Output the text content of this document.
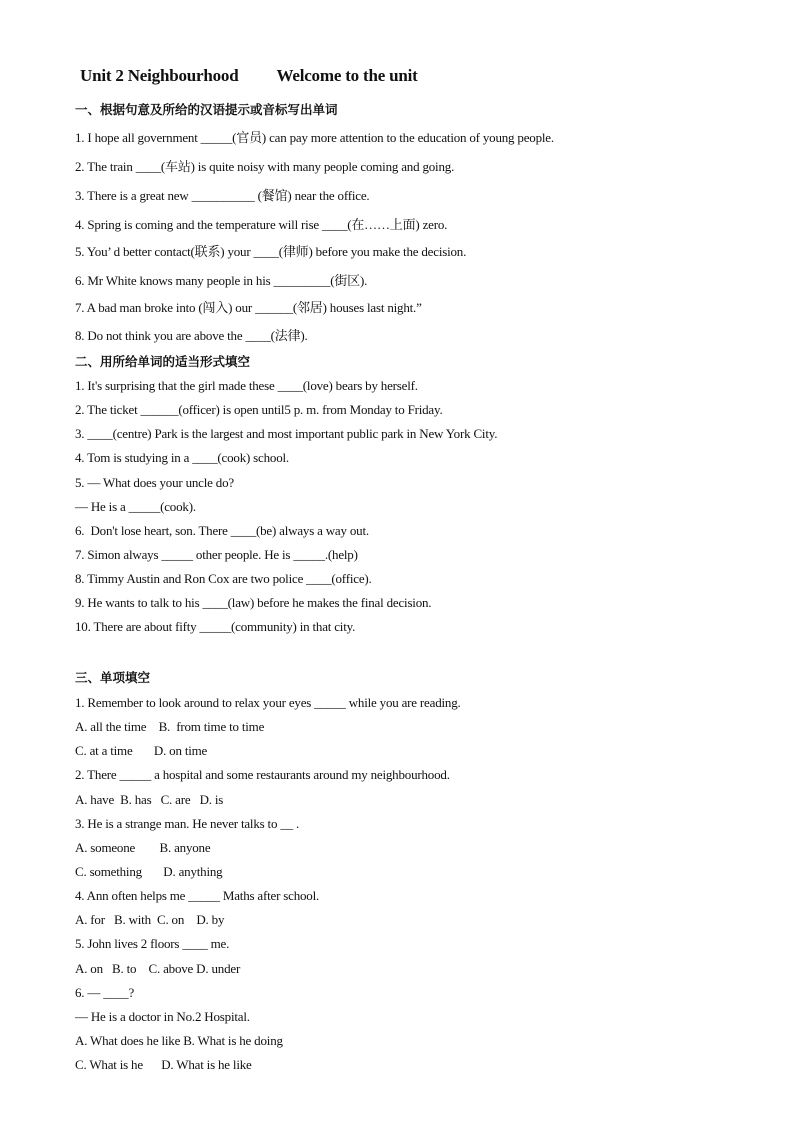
Unit 2 Neighbourhood Welcome to the unit
一、根据句意及所给的汉语提示或音标写出单词
1. I hope all government _____(官员) can pay more attention to the education of young people.
2. The train ____(车站) is quite noisy with many people coming and going.
3. There is a great new __________ (餐馆) near the office.
4. Spring is coming and the temperature will rise ____(在……上面) zero.
5. You’ d better contact(联系) your ____(律师) before you make the decision.
6. Mr White knows many people in his _________(街区).
7. A bad man broke into (闯入) our ______(邻居) houses last night.”
8. Do not think you are above the ____(法律).
二、用所给单词的适当形式填空
1. It's surprising that the girl made these ____(love) bears by herself.
2. The ticket ______(officer) is open until5 p. m. from Monday to Friday.
3. ____(centre) Park is the largest and most important public park in New York City.
4. Tom is studying in a ____(cook) school.
5. — What does your uncle do?
— He is a _____(cook).
6.  Don't lose heart, son. There ____(be) always a way out.
7. Simon always _____ other people. He is _____.(help)
8. Timmy Austin and Ron Cox are two police ____(office).
9. He wants to talk to his ____(law) before he makes the final decision.
10. There are about fifty _____(community) in that city.
三、单项填空
1. Remember to look around to relax your eyes _____ while you are reading.
A. all the time    B.  from time to time
C. at a time       D. on time
2. There _____ a hospital and some restaurants around my neighbourhood.
A. have  B. has   C. are   D. is
3. He is a strange man. He never talks to __ .
A. someone        B. anyone
C. something       D. anything
4. Ann often helps me _____ Maths after school.
A. for   B. with  C. on    D. by
5. John lives 2 floors ____ me.
A. on   B. to    C. above D. under
6. — ____?
— He is a doctor in No.2 Hospital.
A. What does he like B. What is he doing
C. What is he      D. What is he like
